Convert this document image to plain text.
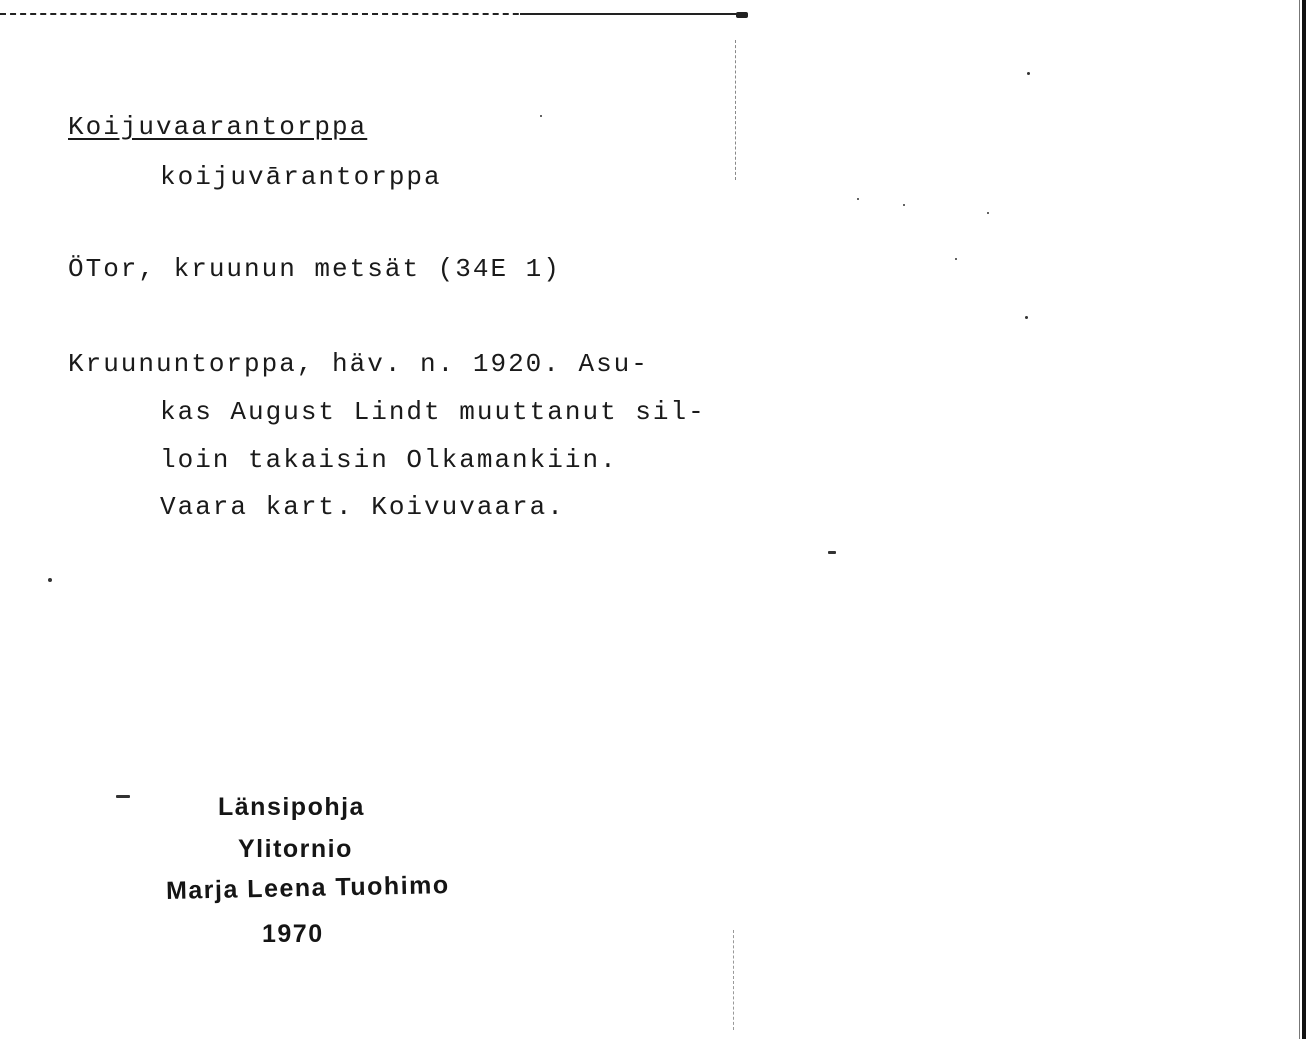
Koijuvaarantorppa
koijuvārantorppa
ÖTor, kruunun metsät (34E 1)
Kruununtorppa, häv. n. 1920. Asu-
kas August Lindt muuttanut sil-
loin takaisin Olkamankiin.
Vaara kart. Koivuvaara.
Länsipohja
Ylitornio
Marja Leena Tuohimo
1970
